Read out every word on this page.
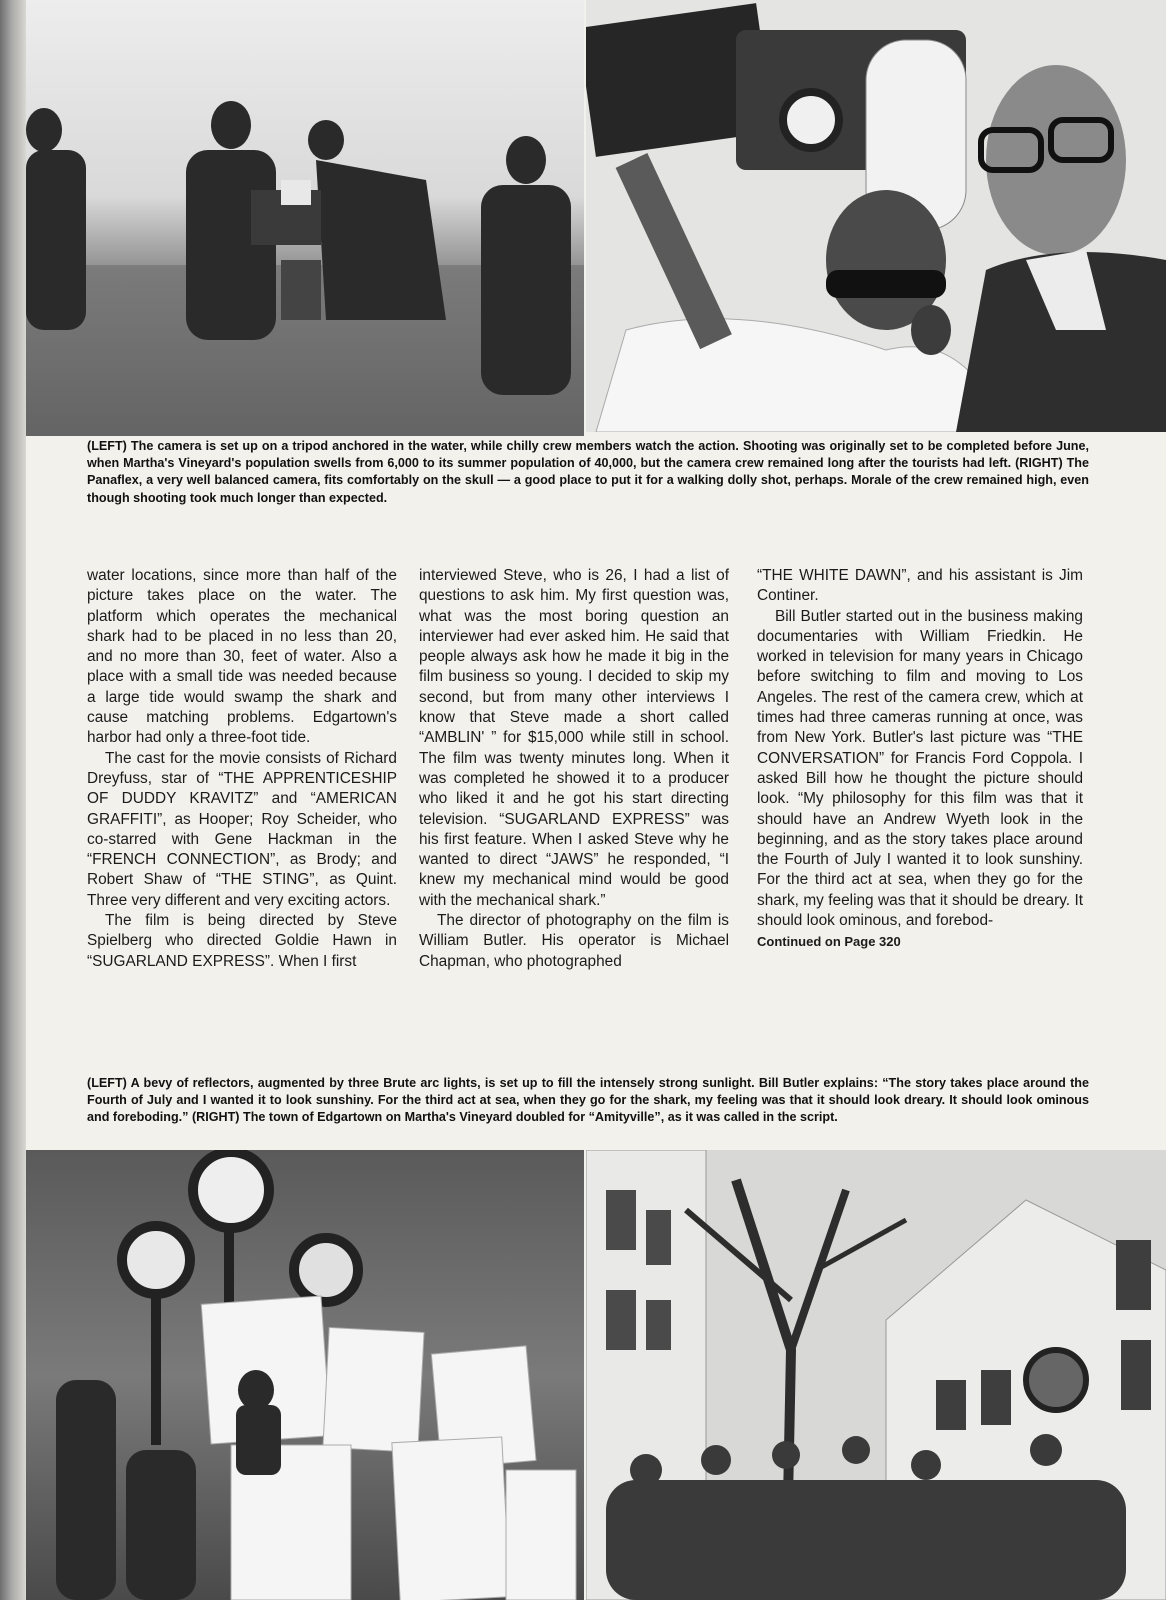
(LEFT) The camera is set up on a tripod anchored in the water, while chilly crew members watch the action. Shooting was originally set to be completed before June, when Martha's Vineyard's population swells from 6,000 to its summer population of 40,000, but the camera crew remained long after the tourists had left. (RIGHT) The Panaflex, a very well balanced camera, fits comfortably on the skull — a good place to put it for a walking dolly shot, perhaps. Morale of the crew remained high, even though shooting took much longer than expected.

water locations, since more than half of the picture takes place on the water. The platform which operates the mechanical shark had to be placed in no less than 20, and no more than 30, feet of water. Also a place with a small tide was needed because a large tide would swamp the shark and cause matching problems. Edgartown's harbor had only a three-foot tide.

The cast for the movie consists of Richard Dreyfuss, star of “THE APPRENTICESHIP OF DUDDY KRAVITZ” and “AMERICAN GRAFFITI”, as Hooper; Roy Scheider, who co-starred with Gene Hackman in the “FRENCH CONNECTION”, as Brody; and Robert Shaw of “THE STING”, as Quint. Three very different and very exciting actors.

The film is being directed by Steve Spielberg who directed Goldie Hawn in “SUGARLAND EXPRESS”. When I first

interviewed Steve, who is 26, I had a list of questions to ask him. My first question was, what was the most boring question an interviewer had ever asked him. He said that people always ask how he made it big in the film business so young. I decided to skip my second, but from many other interviews I know that Steve made a short called “AMBLIN' ” for $15,000 while still in school. The film was twenty minutes long. When it was completed he showed it to a producer who liked it and he got his start directing television. “SUGARLAND EXPRESS” was his first feature. When I asked Steve why he wanted to direct “JAWS” he responded, “I knew my mechanical mind would be good with the mechanical shark.”

The director of photography on the film is William Butler. His operator is Michael Chapman, who photographed

“THE WHITE DAWN”, and his assistant is Jim Continer.

Bill Butler started out in the business making documentaries with William Friedkin. He worked in television for many years in Chicago before switching to film and moving to Los Angeles. The rest of the camera crew, which at times had three cameras running at once, was from New York. Butler's last picture was “THE CONVERSATION” for Francis Ford Coppola. I asked Bill how he thought the picture should look. “My philosophy for this film was that it should have an Andrew Wyeth look in the beginning, and as the story takes place around the Fourth of July I wanted it to look sunshiny. For the third act at sea, when they go for the shark, my feeling was that it should be dreary. It should look ominous, and forebod-

Continued on Page 320

(LEFT) A bevy of reflectors, augmented by three Brute arc lights, is set up to fill the intensely strong sunlight. Bill Butler explains: “The story takes place around the Fourth of July and I wanted it to look sunshiny. For the third act at sea, when they go for the shark, my feeling was that it should look dreary. It should look ominous and foreboding.” (RIGHT) The town of Edgartown on Martha's Vineyard doubled for “Amityville”, as it was called in the script.
